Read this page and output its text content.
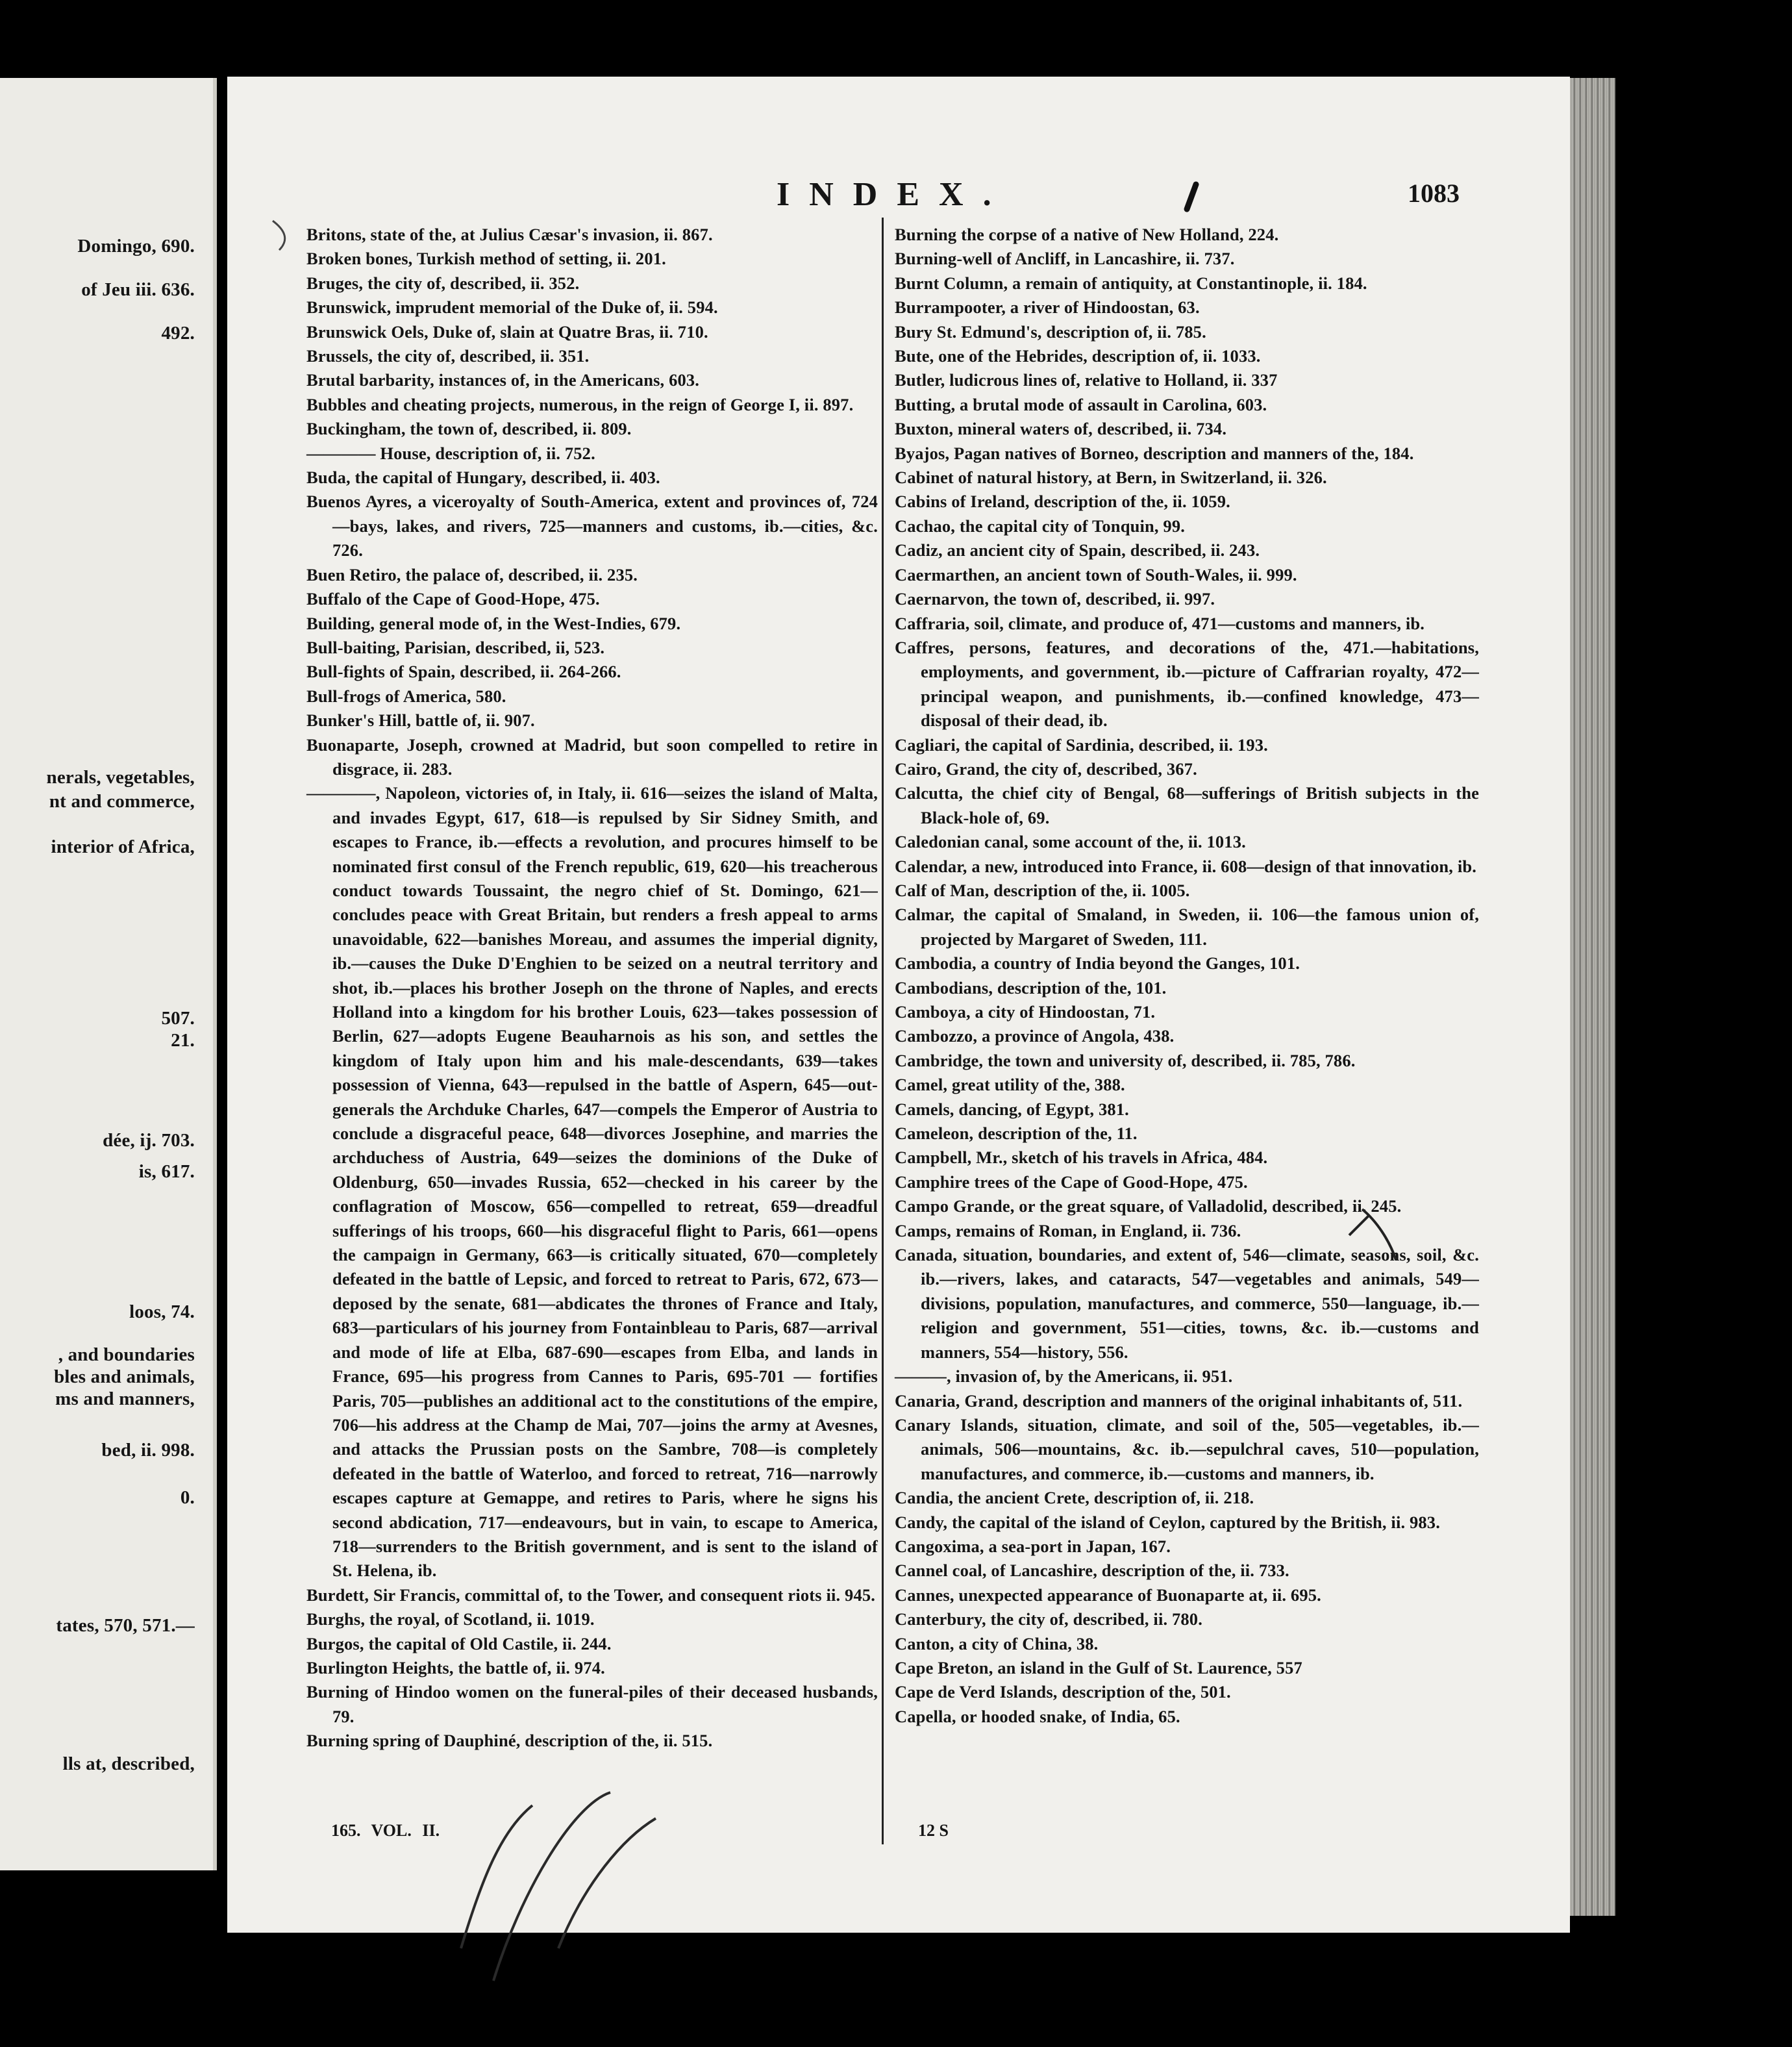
Domingo, 690.
of Jeu iii. 636.
492.
nerals, vegetables,
nt and commerce,
interior of Africa,
507.
21.
dée, ij. 703.
is, 617.
loos, 74.
, and boundaries
bles and animals,
ms and manners,
bed, ii. 998.
0.
tates, 570, 571.—
lls at, described,
INDEX.	1083
Britons, state of the, at Julius Cæsar's invasion, ii. 867.
Broken bones, Turkish method of setting, ii. 201.
Bruges, the city of, described, ii. 352.
Brunswick, imprudent memorial of the Duke of, ii. 594.
Brunswick Oels, Duke of, slain at Quatre Bras, ii. 710.
Brussels, the city of, described, ii. 351.
Brutal barbarity, instances of, in the Americans, 603.
Bubbles and cheating projects, numerous, in the reign of George I, ii. 897.
Buckingham, the town of, described, ii. 809.
———— House, description of, ii. 752.
Buda, the capital of Hungary, described, ii. 403.
Buenos Ayres, a viceroyalty of South-America, extent and provinces of, 724—bays, lakes, and rivers, 725—manners and customs, ib.—cities, &c. 726.
Buen Retiro, the palace of, described, ii. 235.
Buffalo of the Cape of Good-Hope, 475.
Building, general mode of, in the West-Indies, 679.
Bull-baiting, Parisian, described, ii, 523.
Bull-fights of Spain, described, ii. 264-266.
Bull-frogs of America, 580.
Bunker's Hill, battle of, ii. 907.
Buonaparte, Joseph, crowned at Madrid, but soon compelled to retire in disgrace, ii. 283.
————, Napoleon, victories of, in Italy, ii. 616—seizes the island of Malta, and invades Egypt, 617, 618—is repulsed by Sir Sidney Smith, and escapes to France, ib.—effects a revolution, and procures himself to be nominated first consul of the French republic, 619, 620—his treacherous conduct towards Toussaint, the negro chief of St. Domingo, 621—concludes peace with Great Britain, but renders a fresh appeal to arms unavoidable, 622—banishes Moreau, and assumes the imperial dignity, ib.—causes the Duke D'Enghien to be seized on a neutral territory and shot, ib.—places his brother Joseph on the throne of Naples, and erects Holland into a kingdom for his brother Louis, 623—takes possession of Berlin, 627—adopts Eugene Beauharnois as his son, and settles the kingdom of Italy upon him and his male-descendants, 639—takes possession of Vienna, 643—repulsed in the battle of Aspern, 645—out-generals the Archduke Charles, 647—compels the Emperor of Austria to conclude a disgraceful peace, 648—divorces Josephine, and marries the archduchess of Austria, 649—seizes the dominions of the Duke of Oldenburg, 650—invades Russia, 652—checked in his career by the conflagration of Moscow, 656—compelled to retreat, 659—dreadful sufferings of his troops, 660—his disgraceful flight to Paris, 661—opens the campaign in Germany, 663—is critically situated, 670—completely defeated in the battle of Lepsic, and forced to retreat to Paris, 672, 673—deposed by the senate, 681—abdicates the thrones of France and Italy, 683—particulars of his journey from Fontainbleau to Paris, 687—arrival and mode of life at Elba, 687-690—escapes from Elba, and lands in France, 695—his progress from Cannes to Paris, 695-701 — fortifies Paris, 705—publishes an additional act to the constitutions of the empire, 706—his address at the Champ de Mai, 707—joins the army at Avesnes, and attacks the Prussian posts on the Sambre, 708—is completely defeated in the battle of Waterloo, and forced to retreat, 716—narrowly escapes capture at Gemappe, and retires to Paris, where he signs his second abdication, 717—endeavours, but in vain, to escape to America, 718—surrenders to the British government, and is sent to the island of St. Helena, ib.
Burdett, Sir Francis, committal of, to the Tower, and consequent riots ii. 945.
Burghs, the royal, of Scotland, ii. 1019.
Burgos, the capital of Old Castile, ii. 244.
Burlington Heights, the battle of, ii. 974.
Burning of Hindoo women on the funeral-piles of their deceased husbands, 79.
Burning spring of Dauphiné, description of the, ii. 515.
Burning the corpse of a native of New Holland, 224.
Burning-well of Ancliff, in Lancashire, ii. 737.
Burnt Column, a remain of antiquity, at Constantinople, ii. 184.
Burrampooter, a river of Hindoostan, 63.
Bury St. Edmund's, description of, ii. 785.
Bute, one of the Hebrides, description of, ii. 1033.
Butler, ludicrous lines of, relative to Holland, ii. 337
Butting, a brutal mode of assault in Carolina, 603.
Buxton, mineral waters of, described, ii. 734.
Byajos, Pagan natives of Borneo, description and manners of the, 184.
Cabinet of natural history, at Bern, in Switzerland, ii. 326.
Cabins of Ireland, description of the, ii. 1059.
Cachao, the capital city of Tonquin, 99.
Cadiz, an ancient city of Spain, described, ii. 243.
Caermarthen, an ancient town of South-Wales, ii. 999.
Caernarvon, the town of, described, ii. 997.
Caffraria, soil, climate, and produce of, 471—customs and manners, ib.
Caffres, persons, features, and decorations of the, 471.—habitations, employments, and government, ib.—picture of Caffrarian royalty, 472—principal weapon, and punishments, ib.—confined knowledge, 473—disposal of their dead, ib.
Cagliari, the capital of Sardinia, described, ii. 193.
Cairo, Grand, the city of, described, 367.
Calcutta, the chief city of Bengal, 68—sufferings of British subjects in the Black-hole of, 69.
Caledonian canal, some account of the, ii. 1013.
Calendar, a new, introduced into France, ii. 608—design of that innovation, ib.
Calf of Man, description of the, ii. 1005.
Calmar, the capital of Smaland, in Sweden, ii. 106—the famous union of, projected by Margaret of Sweden, 111.
Cambodia, a country of India beyond the Ganges, 101.
Cambodians, description of the, 101.
Camboya, a city of Hindoostan, 71.
Cambozzo, a province of Angola, 438.
Cambridge, the town and university of, described, ii. 785, 786.
Camel, great utility of the, 388.
Camels, dancing, of Egypt, 381.
Cameleon, description of the, 11.
Campbell, Mr., sketch of his travels in Africa, 484.
Camphire trees of the Cape of Good-Hope, 475.
Campo Grande, or the great square, of Valladolid, described, ii. 245.
Camps, remains of Roman, in England, ii. 736.
Canada, situation, boundaries, and extent of, 546—climate, seasons, soil, &c. ib.—rivers, lakes, and cataracts, 547—vegetables and animals, 549—divisions, population, manufactures, and commerce, 550—language, ib.—religion and government, 551—cities, towns, &c. ib.—customs and manners, 554—history, 556.
———, invasion of, by the Americans, ii. 951.
Canaria, Grand, description and manners of the original inhabitants of, 511.
Canary Islands, situation, climate, and soil of the, 505—vegetables, ib.—animals, 506—mountains, &c. ib.—sepulchral caves, 510—population, manufactures, and commerce, ib.—customs and manners, ib.
Candia, the ancient Crete, description of, ii. 218.
Candy, the capital of the island of Ceylon, captured by the British, ii. 983.
Cangoxima, a sea-port in Japan, 167.
Cannel coal, of Lancashire, description of the, ii. 733.
Cannes, unexpected appearance of Buonaparte at, ii. 695.
Canterbury, the city of, described, ii. 780.
Canton, a city of China, 38.
Cape Breton, an island in the Gulf of St. Laurence, 557
Cape de Verd Islands, description of the, 501.
Capella, or hooded snake, of India, 65.
165. VOL. II.	12 S
